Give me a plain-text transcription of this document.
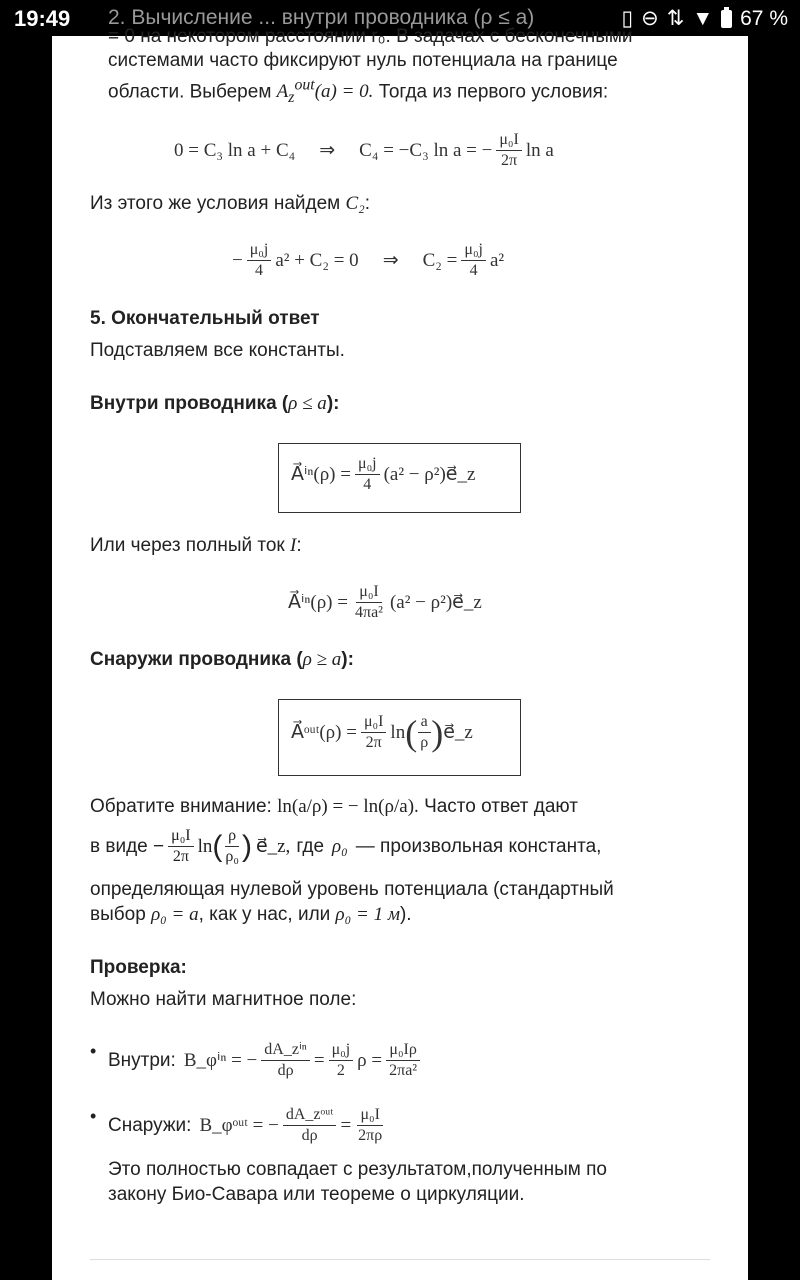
19:49	▯ ⊖ ⇅ ▼ 67 %
2. Вычисление ... внутри проводника (ρ ≤ a)
= 0 на некотором расстоянии r₀. В задачах с бесконечными
системами часто фиксируют нуль потенциала на границе
области. Выберем $A_z^{out}(a) = 0$. Тогда из первого условия:
0 = C₃ ln a + C₄ ⇒ C₄ = −C₃ ln a = − $\frac{\text{μ₀I}}{2\pi}$ ln a
Из этого же условия найдем C₂:
− $\frac{\text{μ₀j}}{4} a^2 + C_2 = 0$ ⇒ $C_2 = \frac{\text{μ₀j}}{4} a^2$
5. Окончательный ответ
Подставляем все константы.
Внутри проводника (ρ ≤ a):
A⃗ⁱⁿ(ρ) = $\frac{\text{μ₀j}}{4} (a^2$ − ρ²)e⃗_z
Или через полный ток I:
A⃗ⁱⁿ(ρ) = $\frac{\text{μ₀I}}{\text{4πa²}} (a^2$ − ρ²)e⃗_z
Снаружи проводника (ρ ≥ a):
A⃗ᵒᵘᵗ(ρ) = $\frac{\text{μ₀I}}{2\pi}$ ln ( $\frac{a}{\rho}$ ) e⃗_z
Обратите внимание: ln(a/ρ) = − ln(ρ/a). Часто ответ дают
в виде − $\frac{\text{μ₀I}}{2\pi}$ ln ( $\frac{\rho}{\text{ρ₀}}$ ) e⃗_z, где ρ₀ — произвольная константа,
определяющая нулевой уровень потенциала (стандартный
выбор ρ₀ = a, как у нас, или ρ₀ = 1 м).
Проверка:
Можно найти магнитное поле:
• Внутри: B_φⁱⁿ = − $\frac{\text{dA\_zⁱⁿ}}{d\rho} = \frac{\text{μ₀j}}{2}$ $\rho = \frac{\text{μ₀Iρ}}{\text{2πa²}}$
• Снаружи: B_φᵒᵘᵗ = − $\frac{\text{dA\_zᵒᵘᵗ}}{d\rho} = \frac{\text{μ₀I}}{2\pi\rho}$
Это полностью совпадает с результатом,полученным по
закону Био-Савара или теореме о циркуляции.
